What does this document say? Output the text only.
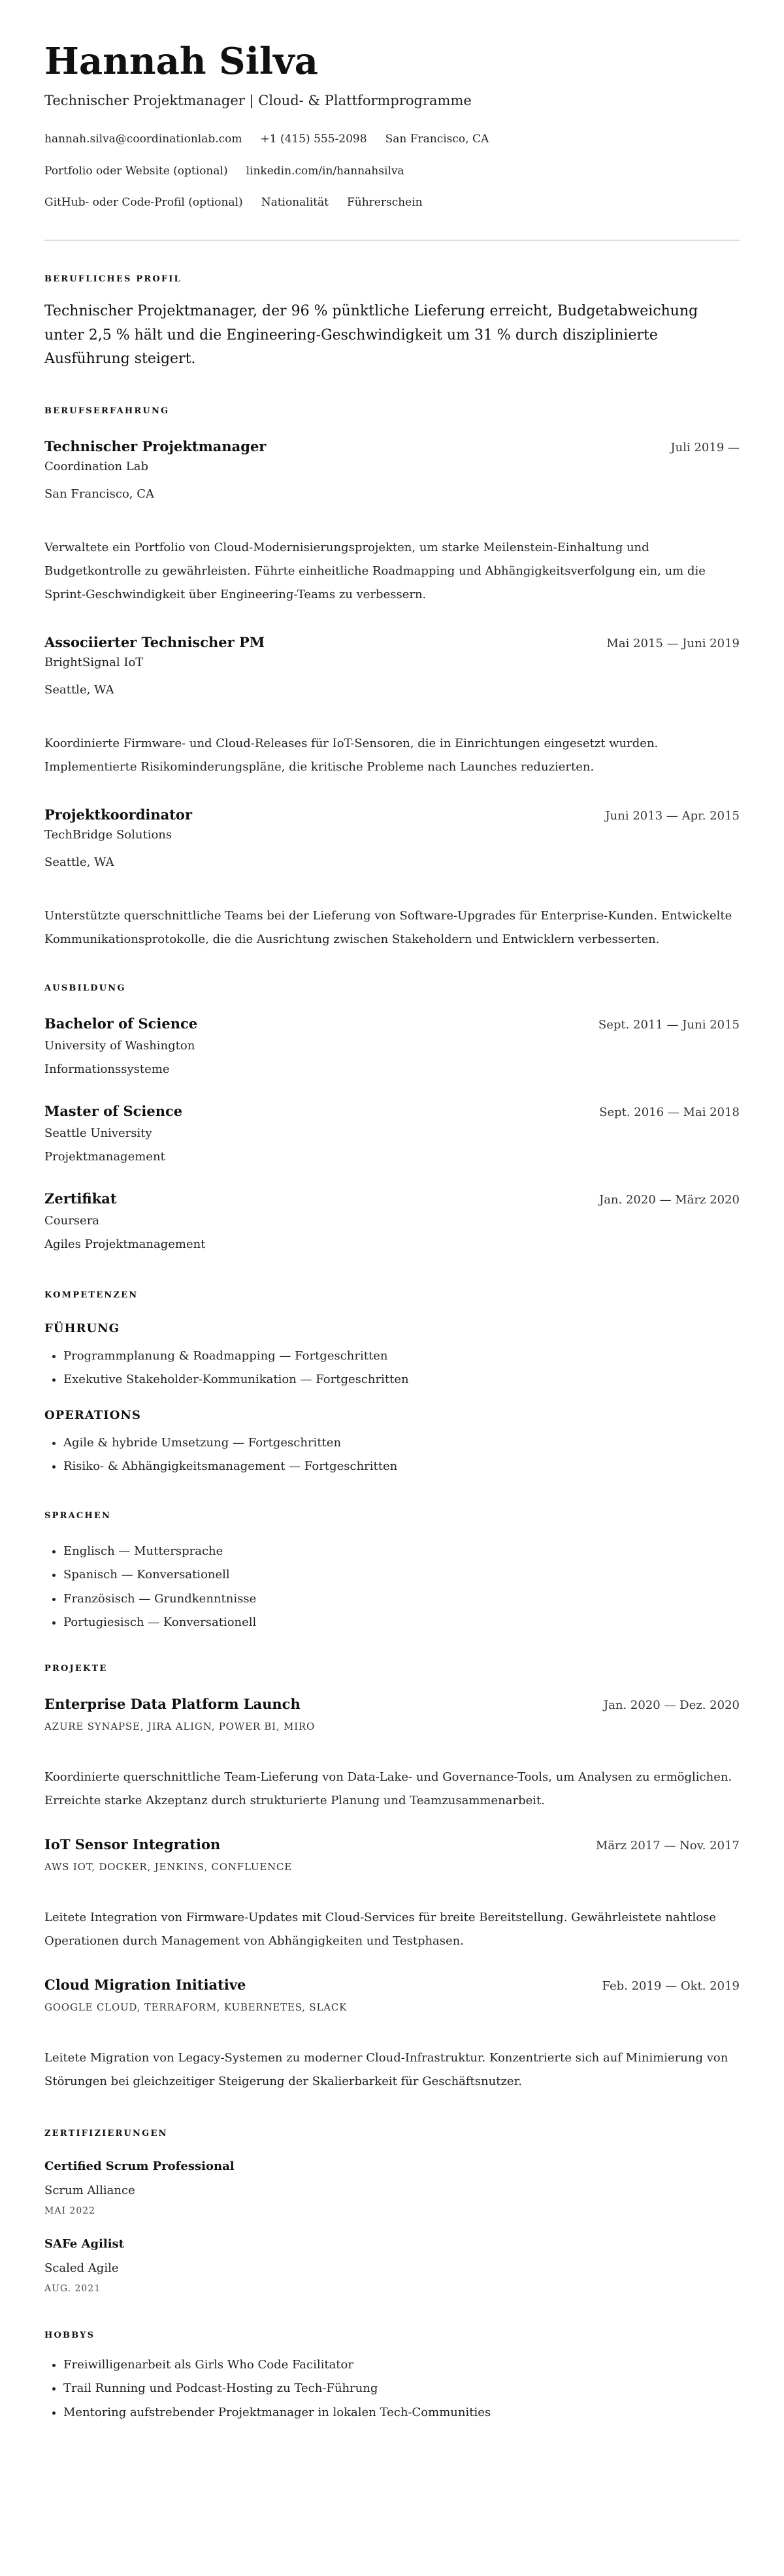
Hannah Silva
Technischer Projektmanager | Cloud- & Plattformprogramme
hannah.silva@coordinationlab.com +1 (415) 555-2098 San Francisco, CA
Portfolio oder Website (optional) linkedin.com/in/hannahsilva
GitHub- oder Code-Profil (optional) Nationalität Führerschein
BERUFLICHES PROFIL
Technischer Projektmanager, der 96 % pünktliche Lieferung erreicht, Budgetabweichung unter 2,5 % hält und die Engineering-Geschwindigkeit um 31 % durch disziplinierte Ausführung steigert.
BERUFSERFAHRUNG
Technischer Projektmanager	Juli 2019 —
Coordination Lab
San Francisco, CA
Verwaltete ein Portfolio von Cloud-Modernisierungsprojekten, um starke Meilenstein-Einhaltung und Budgetkontrolle zu gewährleisten. Führte einheitliche Roadmapping und Abhängigkeitsverfolgung ein, um die Sprint-Geschwindigkeit über Engineering-Teams zu verbessern.
Associierter Technischer PM	Mai 2015 — Juni 2019
BrightSignal IoT
Seattle, WA
Koordinierte Firmware- und Cloud-Releases für IoT-Sensoren, die in Einrichtungen eingesetzt wurden. Implementierte Risikominderungspläne, die kritische Probleme nach Launches reduzierten.
Projektkoordinator	Juni 2013 — Apr. 2015
TechBridge Solutions
Seattle, WA
Unterstützte querschnittliche Teams bei der Lieferung von Software-Upgrades für Enterprise-Kunden. Entwickelte Kommunikationsprotokolle, die die Ausrichtung zwischen Stakeholdern und Entwicklern verbesserten.
AUSBILDUNG
Bachelor of Science	Sept. 2011 — Juni 2015
University of Washington
Informationssysteme
Master of Science	Sept. 2016 — Mai 2018
Seattle University
Projektmanagement
Zertifikat	Jan. 2020 — März 2020
Coursera
Agiles Projektmanagement
KOMPETENZEN
FÜHRUNG
• Programmplanung & Roadmapping — Fortgeschritten
• Exekutive Stakeholder-Kommunikation — Fortgeschritten
OPERATIONS
• Agile & hybride Umsetzung — Fortgeschritten
• Risiko- & Abhängigkeitsmanagement — Fortgeschritten
SPRACHEN
• Englisch — Muttersprache
• Spanisch — Konversationell
• Französisch — Grundkenntnisse
• Portugiesisch — Konversationell
PROJEKTE
Enterprise Data Platform Launch	Jan. 2020 — Dez. 2020
AZURE SYNAPSE, JIRA ALIGN, POWER BI, MIRO
Koordinierte querschnittliche Team-Lieferung von Data-Lake- und Governance-Tools, um Analysen zu ermöglichen. Erreichte starke Akzeptanz durch strukturierte Planung und Teamzusammenarbeit.
IoT Sensor Integration	März 2017 — Nov. 2017
AWS IOT, DOCKER, JENKINS, CONFLUENCE
Leitete Integration von Firmware-Updates mit Cloud-Services für breite Bereitstellung. Gewährleistete nahtlose Operationen durch Management von Abhängigkeiten und Testphasen.
Cloud Migration Initiative	Feb. 2019 — Okt. 2019
GOOGLE CLOUD, TERRAFORM, KUBERNETES, SLACK
Leitete Migration von Legacy-Systemen zu moderner Cloud-Infrastruktur. Konzentrierte sich auf Minimierung von Störungen bei gleichzeitiger Steigerung der Skalierbarkeit für Geschäftsnutzer.
ZERTIFIZIERUNGEN
Certified Scrum Professional
Scrum Alliance
MAI 2022
SAFe Agilist
Scaled Agile
AUG. 2021
HOBBYS
• Freiwilligenarbeit als Girls Who Code Facilitator
• Trail Running und Podcast-Hosting zu Tech-Führung
• Mentoring aufstrebender Projektmanager in lokalen Tech-Communities
